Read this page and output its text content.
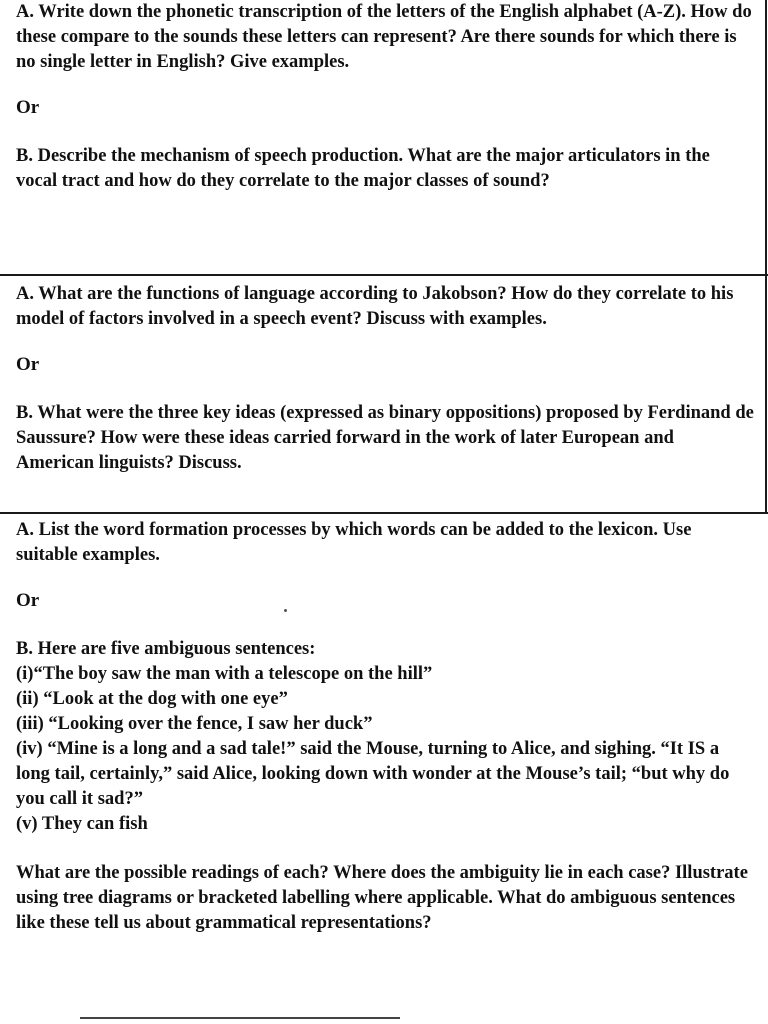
A. Write down the phonetic transcription of the letters of the English alphabet (A-Z). How do these compare to the sounds these letters can represent? Are there sounds for which there is no single letter in English? Give examples.

Or

B. Describe the mechanism of speech production. What are the major articulators in the vocal tract and how do they correlate to the major classes of sound?

A. What are the functions of language according to Jakobson? How do they correlate to his model of factors involved in a speech event? Discuss with examples.

Or

B. What were the three key ideas (expressed as binary oppositions) proposed by Ferdinand de Saussure? How were these ideas carried forward in the work of later European and American linguists? Discuss.

A. List the word formation processes by which words can be added to the lexicon. Use suitable examples.

Or

B. Here are five ambiguous sentences:

(i)“The boy saw the man with a telescope on the hill”

(ii) “Look at the dog with one eye”

(iii) “Looking over the fence, I saw her duck”

(iv) “Mine is a long and a sad tale!” said the Mouse, turning to Alice, and sighing. “It IS a long tail, certainly,” said Alice, looking down with wonder at the Mouse’s tail; “but why do you call it sad?”

(v) They can fish

What are the possible readings of each? Where does the ambiguity lie in each case? Illustrate using tree diagrams or bracketed labelling where applicable. What do ambiguous sentences like these tell us about grammatical representations?
